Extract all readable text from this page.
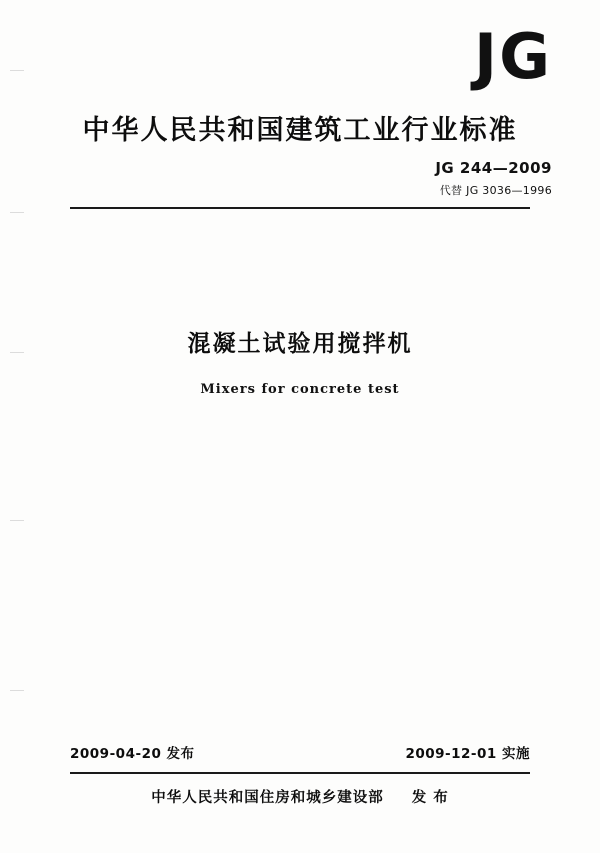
JG
中华人民共和国建筑工业行业标准
JG 244—2009
代替 JG 3036—1996
混凝土试验用搅拌机
Mixers for concrete test
2009-04-20 发布	2009-12-01 实施
中华人民共和国住房和城乡建设部 发 布
